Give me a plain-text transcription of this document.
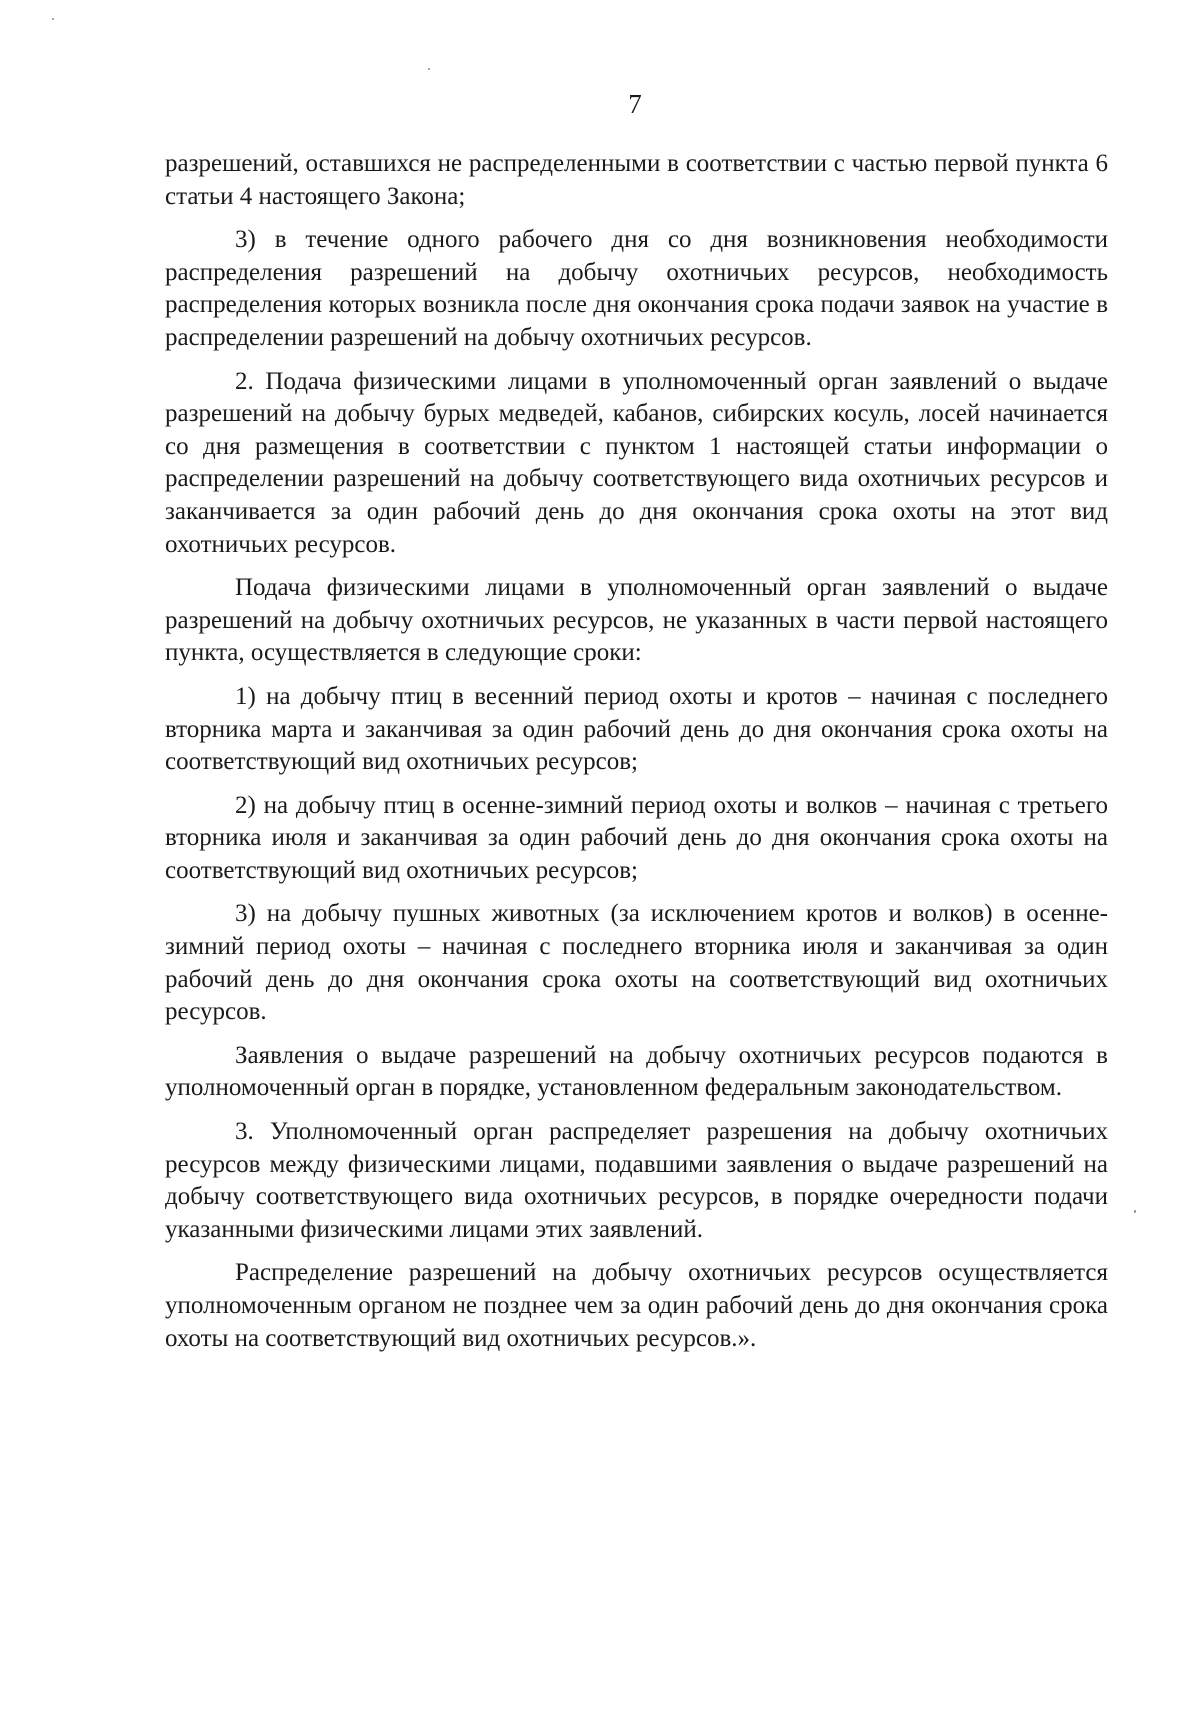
7

разрешений, оставшихся не распределенными в соответствии с частью первой пункта 6 статьи 4 настоящего Закона;

3) в течение одного рабочего дня со дня возникновения необходимости распределения разрешений на добычу охотничьих ресурсов, необходимость распределения которых возникла после дня окончания срока подачи заявок на участие в распределении разрешений на добычу охотничьих ресурсов.

2. Подача физическими лицами в уполномоченный орган заявлений о выдаче разрешений на добычу бурых медведей, кабанов, сибирских косуль, лосей начинается со дня размещения в соответствии с пунктом 1 настоящей статьи информации о распределении разрешений на добычу соответствующего вида охотничьих ресурсов и заканчивается за один рабочий день до дня окончания срока охоты на этот вид охотничьих ресурсов.

Подача физическими лицами в уполномоченный орган заявлений о выдаче разрешений на добычу охотничьих ресурсов, не указанных в части первой настоящего пункта, осуществляется в следующие сроки:

1) на добычу птиц в весенний период охоты и кротов – начиная с последнего вторника марта и заканчивая за один рабочий день до дня окончания срока охоты на соответствующий вид охотничьих ресурсов;

2) на добычу птиц в осенне-зимний период охоты и волков – начиная с третьего вторника июля и заканчивая за один рабочий день до дня окончания срока охоты на соответствующий вид охотничьих ресурсов;

3) на добычу пушных животных (за исключением кротов и волков) в осенне-зимний период охоты – начиная с последнего вторника июля и заканчивая за один рабочий день до дня окончания срока охоты на соответствующий вид охотничьих ресурсов.

Заявления о выдаче разрешений на добычу охотничьих ресурсов подаются в уполномоченный орган в порядке, установленном федеральным законодательством.

3. Уполномоченный орган распределяет разрешения на добычу охотничьих ресурсов между физическими лицами, подавшими заявления о выдаче разрешений на добычу соответствующего вида охотничьих ресурсов, в порядке очередности подачи указанными физическими лицами этих заявлений.

Распределение разрешений на добычу охотничьих ресурсов осуществляется уполномоченным органом не позднее чем за один рабочий день до дня окончания срока охоты на соответствующий вид охотничьих ресурсов.».
